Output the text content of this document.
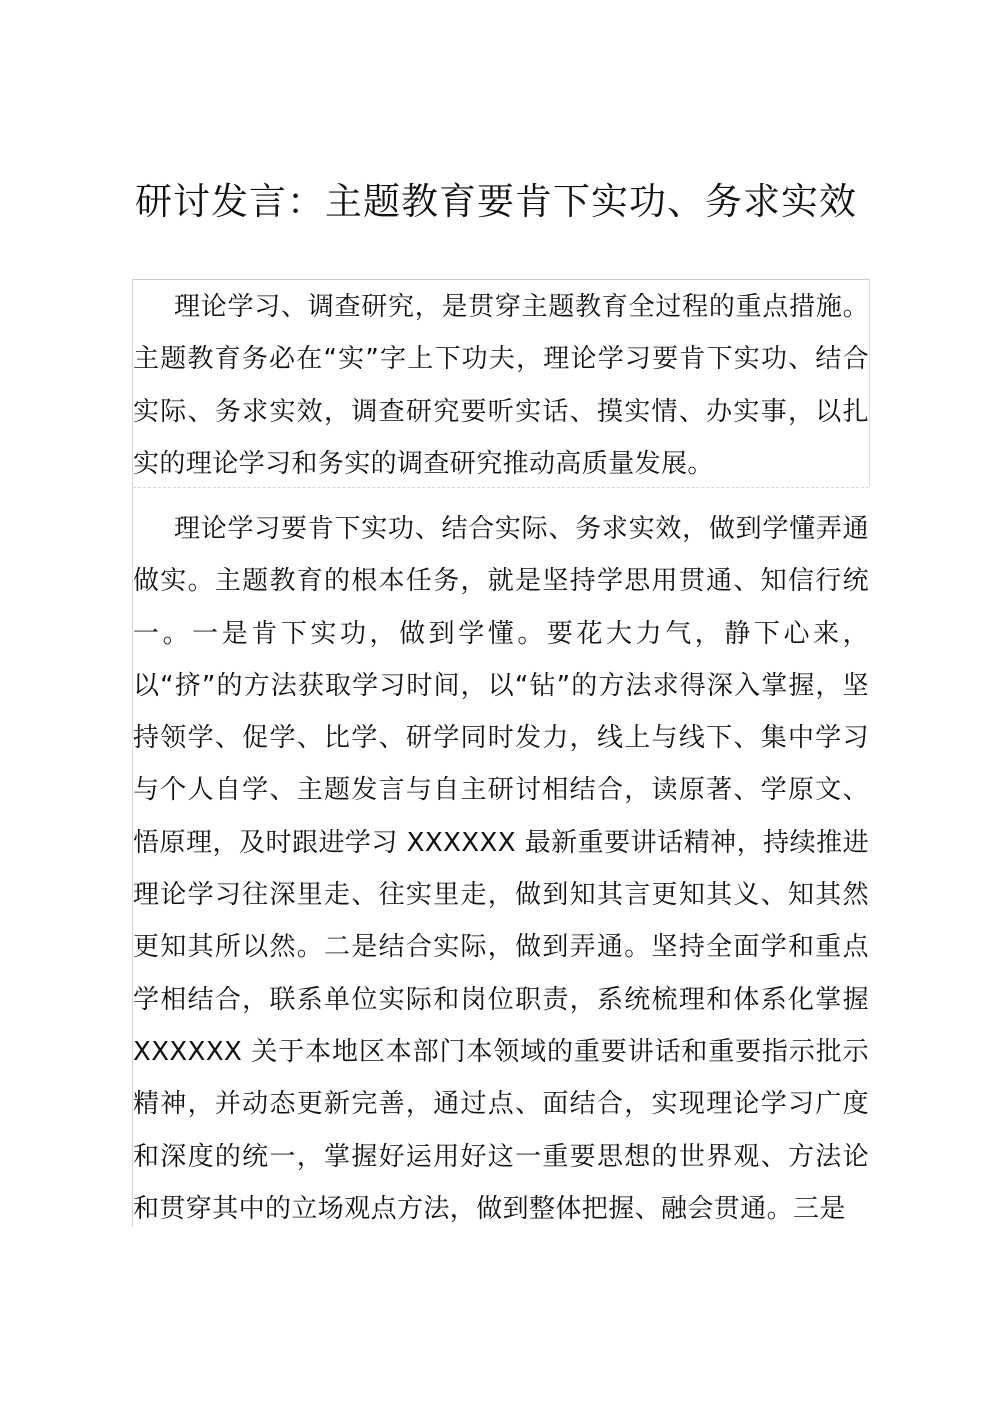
研讨发言：主题教育要肯下实功、务求实效

理论学习、调查研究，是贯穿主题教育全过程的重点措施。主题教育务必在“实”字上下功夫，理论学习要肯下实功、结合实际、务求实效，调查研究要听实话、摸实情、办实事，以扎实的理论学习和务实的调查研究推动高质量发展。

理论学习要肯下实功、结合实际、务求实效，做到学懂弄通做实。主题教育的根本任务，就是坚持学思用贯通、知信行统一。一是肯下实功，做到学懂。要花大力气，静下心来，以“挤”的方法获取学习时间，以“钻”的方法求得深入掌握，坚持领学、促学、比学、研学同时发力，线上与线下、集中学习与个人自学、主题发言与自主研讨相结合，读原著、学原文、悟原理，及时跟进学习 XXXXXX 最新重要讲话精神，持续推进理论学习往深里走、往实里走，做到知其言更知其义、知其然更知其所以然。二是结合实际，做到弄通。坚持全面学和重点学相结合，联系单位实际和岗位职责，系统梳理和体系化掌握 XXXXXX 关于本地区本部门本领域的重要讲话和重要指示批示精神，并动态更新完善，通过点、面结合，实现理论学习广度和深度的统一，掌握好运用好这一重要思想的世界观、方法论和贯穿其中的立场观点方法，做到整体把握、融会贯通。三是
